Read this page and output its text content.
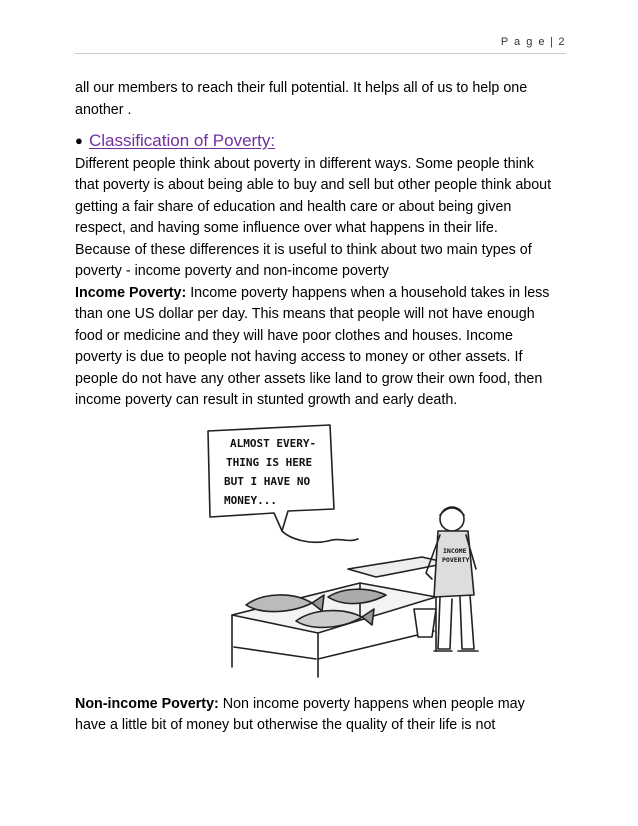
P a g e | 2

all our members to reach their full potential. It helps all of us to help one another .

● Classification of Poverty:

Different people think about poverty in different ways. Some people think that poverty is about being able to buy and sell but other people think about getting a fair share of education and health care or about being given respect, and having some influence over what happens in their life. Because of these differences it is useful to think about two main types of poverty - income poverty and non-income poverty

Income Poverty: Income poverty happens when a household takes in less than one US dollar per day. This means that people will not have enough food or medicine and they will have poor clothes and houses. Income poverty is due to people not having access to money or other assets. If people do not have any other assets like land to grow their own food, then income poverty can result in stunted growth and early death.

ALMOST EVERY-
THING IS HERE
BUT I HAVE NO
MONEY...
INCOME
POVERTY

Non-income Poverty: Non income poverty happens when people may have a little bit of money but otherwise the quality of their life is not
